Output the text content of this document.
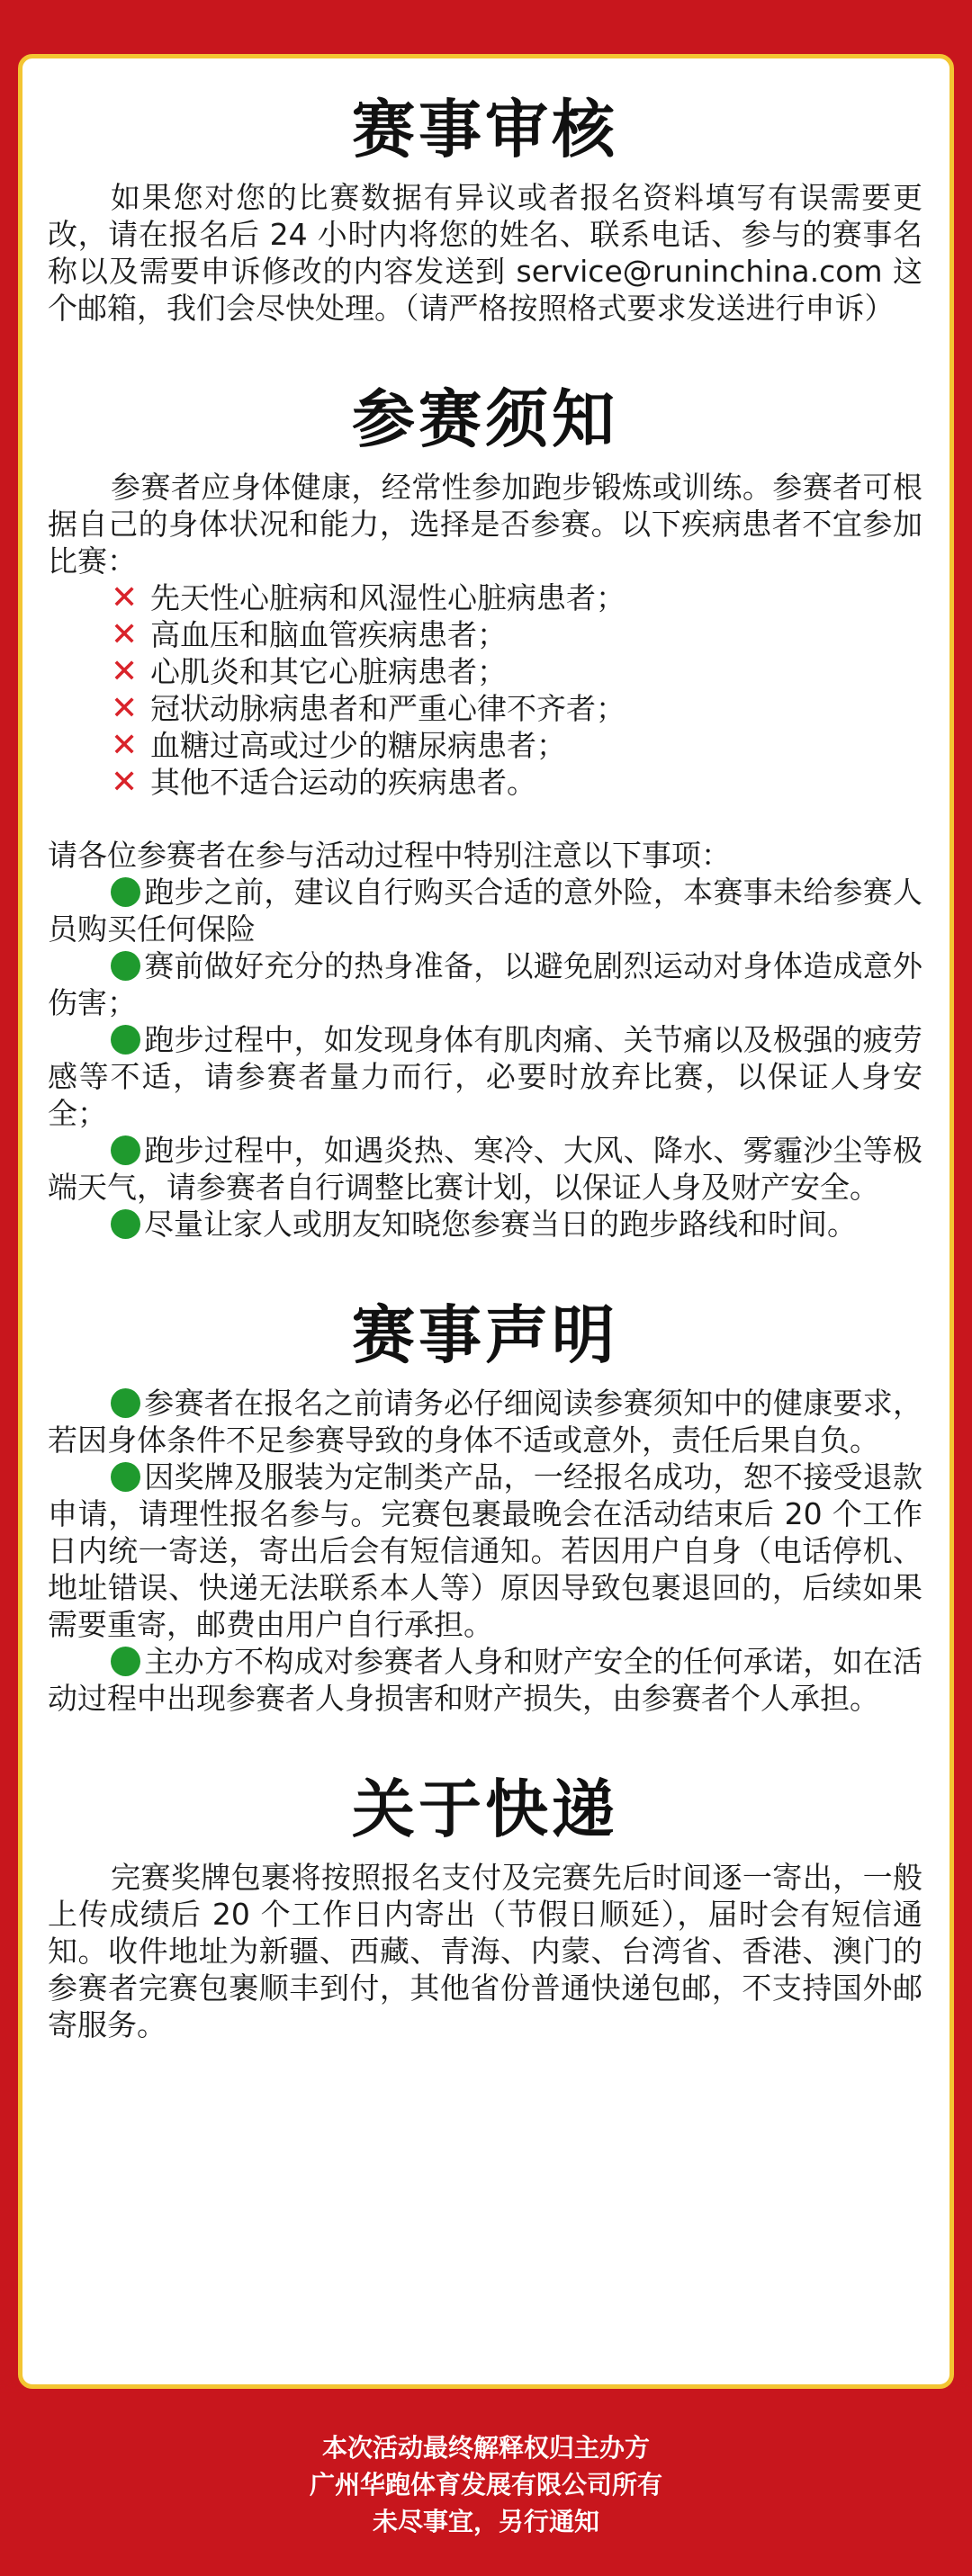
赛事审核

如果您对您的比赛数据有异议或者报名资料填写有误需要更改，请在报名后 24 小时内将您的姓名、联系电话、参与的赛事名称以及需要申诉修改的内容发送到 service@runinchina.com 这个邮箱，我们会尽快处理。（请严格按照格式要求发送进行申诉）

参赛须知

参赛者应身体健康，经常性参加跑步锻炼或训练。参赛者可根据自己的身体状况和能力，选择是否参赛。以下疾病患者不宜参加比赛：

✕ 先天性心脏病和风湿性心脏病患者；
✕ 高血压和脑血管疾病患者；
✕ 心肌炎和其它心脏病患者；
✕ 冠状动脉病患者和严重心律不齐者；
✕ 血糖过高或过少的糖尿病患者；
✕ 其他不适合运动的疾病患者。

请各位参赛者在参与活动过程中特别注意以下事项：

跑步之前，建议自行购买合适的意外险，本赛事未给参赛人员购买任何保险

赛前做好充分的热身准备，以避免剧烈运动对身体造成意外伤害；

跑步过程中，如发现身体有肌肉痛、关节痛以及极强的疲劳感等不适，请参赛者量力而行，必要时放弃比赛，以保证人身安全；

跑步过程中，如遇炎热、寒冷、大风、降水、雾霾沙尘等极端天气，请参赛者自行调整比赛计划，以保证人身及财产安全。

尽量让家人或朋友知晓您参赛当日的跑步路线和时间。

赛事声明

参赛者在报名之前请务必仔细阅读参赛须知中的健康要求，若因身体条件不足参赛导致的身体不适或意外，责任后果自负。

因奖牌及服装为定制类产品，一经报名成功，恕不接受退款申请，请理性报名参与。完赛包裹最晚会在活动结束后 20 个工作日内统一寄送，寄出后会有短信通知。若因用户自身（电话停机、地址错误、快递无法联系本人等）原因导致包裹退回的，后续如果需要重寄，邮费由用户自行承担。

主办方不构成对参赛者人身和财产安全的任何承诺，如在活动过程中出现参赛者人身损害和财产损失，由参赛者个人承担。

关于快递

完赛奖牌包裹将按照报名支付及完赛先后时间逐一寄出，一般上传成绩后 20 个工作日内寄出（节假日顺延），届时会有短信通知。收件地址为新疆、西藏、青海、内蒙、台湾省、香港、澳门的参赛者完赛包裹顺丰到付，其他省份普通快递包邮，不支持国外邮寄服务。

本次活动最终解释权归主办方
广州华跑体育发展有限公司所有
未尽事宜，另行通知
